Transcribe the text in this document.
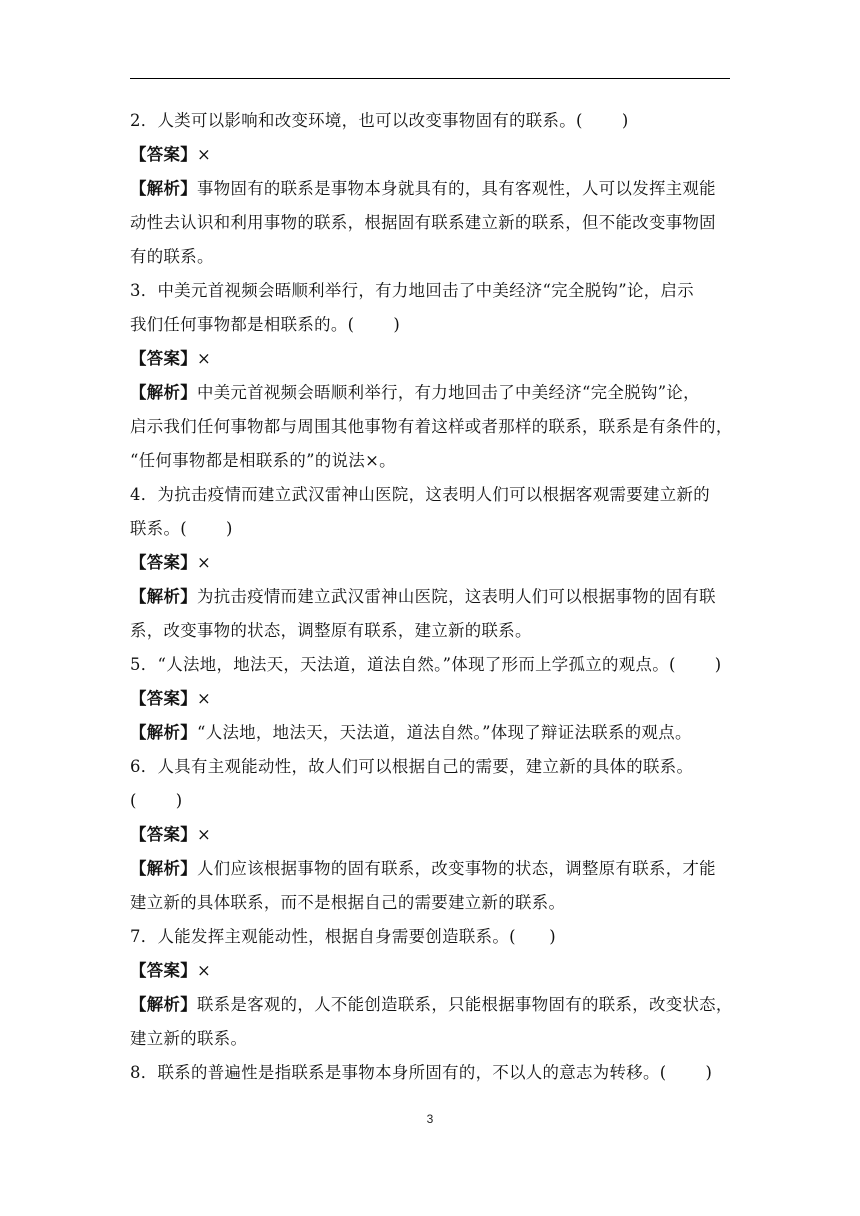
2．人类可以影响和改变环境，也可以改变事物固有的联系。(　　 )
【答案】×
【解析】事物固有的联系是事物本身就具有的，具有客观性，人可以发挥主观能
动性去认识和利用事物的联系，根据固有联系建立新的联系，但不能改变事物固
有的联系。
3．中美元首视频会晤顺利举行，有力地回击了中美经济“完全脱钩”论，启示
我们任何事物都是相联系的。(　　 )
【答案】×
【解析】中美元首视频会晤顺利举行，有力地回击了中美经济“完全脱钩”论，
启示我们任何事物都与周围其他事物有着这样或者那样的联系，联系是有条件的，
“任何事物都是相联系的”的说法×。
4．为抗击疫情而建立武汉雷神山医院，这表明人们可以根据客观需要建立新的
联系。(　　 )
【答案】×
【解析】为抗击疫情而建立武汉雷神山医院，这表明人们可以根据事物的固有联
系，改变事物的状态，调整原有联系，建立新的联系。
5．“人法地，地法天，天法道，道法自然。”体现了形而上学孤立的观点。(　　 )
【答案】×
【解析】“人法地，地法天，天法道，道法自然。”体现了辩证法联系的观点。
6．人具有主观能动性，故人们可以根据自己的需要，建立新的具体的联系。
(　　 )
【答案】×
【解析】人们应该根据事物的固有联系，改变事物的状态，调整原有联系，才能
建立新的具体联系，而不是根据自己的需要建立新的联系。
7．人能发挥主观能动性，根据自身需要创造联系。(　　)
【答案】×
【解析】联系是客观的，人不能创造联系，只能根据事物固有的联系，改变状态，
建立新的联系。
8．联系的普遍性是指联系是事物本身所固有的，不以人的意志为转移。(　　 )
3
